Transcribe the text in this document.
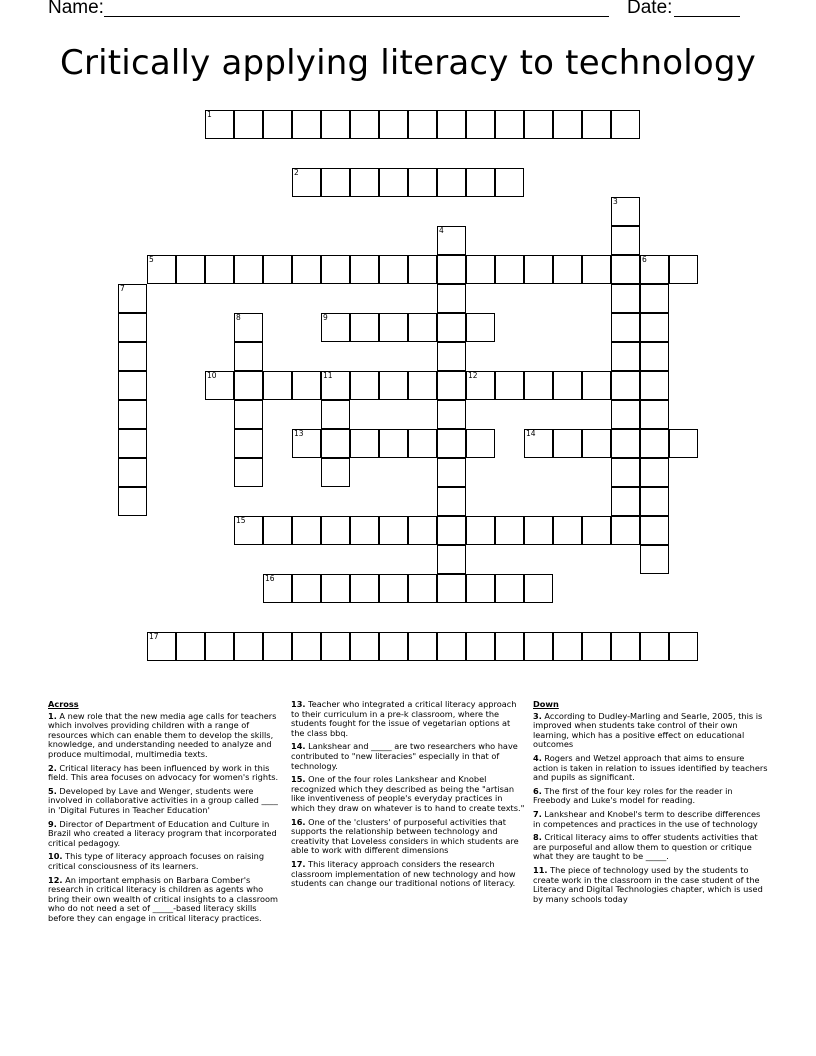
Name:	Date:
Critically applying literacy to technology
1
2
3
4
5	6
7
8	9
10	11	12
13	14
15
16
17
Across
1. A new role that the new media age calls for teachers which involves providing children with a range of resources which can enable them to develop the skills, knowledge, and understanding needed to analyze and produce multimodal, multimedia texts.
2. Critical literacy has been influenced by work in this field. This area focuses on advocacy for women's rights.
5. Developed by Lave and Wenger, students were involved in collaborative activities in a group called ____ in 'Digital Futures in Teacher Education'
9. Director of Department of Education and Culture in Brazil who created a literacy program that incorporated critical pedagogy.
10. This type of literacy approach focuses on raising critical consciousness of its learners.
12. An important emphasis on Barbara Comber's research in critical literacy is children as agents who bring their own wealth of critical insights to a classroom who do not need a set of _____-based literacy skills before they can engage in critical literacy practices.
13. Teacher who integrated a critical literacy approach to their curriculum in a pre-k classroom, where the students fought for the issue of vegetarian options at the class bbq.
14. Lankshear and _____ are two researchers who have contributed to "new literacies" especially in that of technology.
15. One of the four roles Lankshear and Knobel recognized which they described as being the "artisan like inventiveness of people's everyday practices in which they draw on whatever is to hand to create texts."
16. One of the 'clusters' of purposeful activities that supports the relationship between technology and creativity that Loveless considers in which students are able to work with different dimensions
17. This literacy approach considers the research classroom implementation of new technology and how students can change our traditional notions of literacy.
Down
3. According to Dudley-Marling and Searle, 2005, this is improved when students take control of their own learning, which has a positive effect on educational outcomes
4. Rogers and Wetzel approach that aims to ensure action is taken in relation to issues identified by teachers and pupils as significant.
6. The first of the four key roles for the reader in Freebody and Luke's model for reading.
7. Lankshear and Knobel's term to describe differences in competences and practices in the use of technology
8. Critical literacy aims to offer students activities that are purposeful and allow them to question or critique what they are taught to be _____.
11. The piece of technology used by the students to create work in the classroom in the case student of the Literacy and Digital Technologies chapter, which is used by many schools today
